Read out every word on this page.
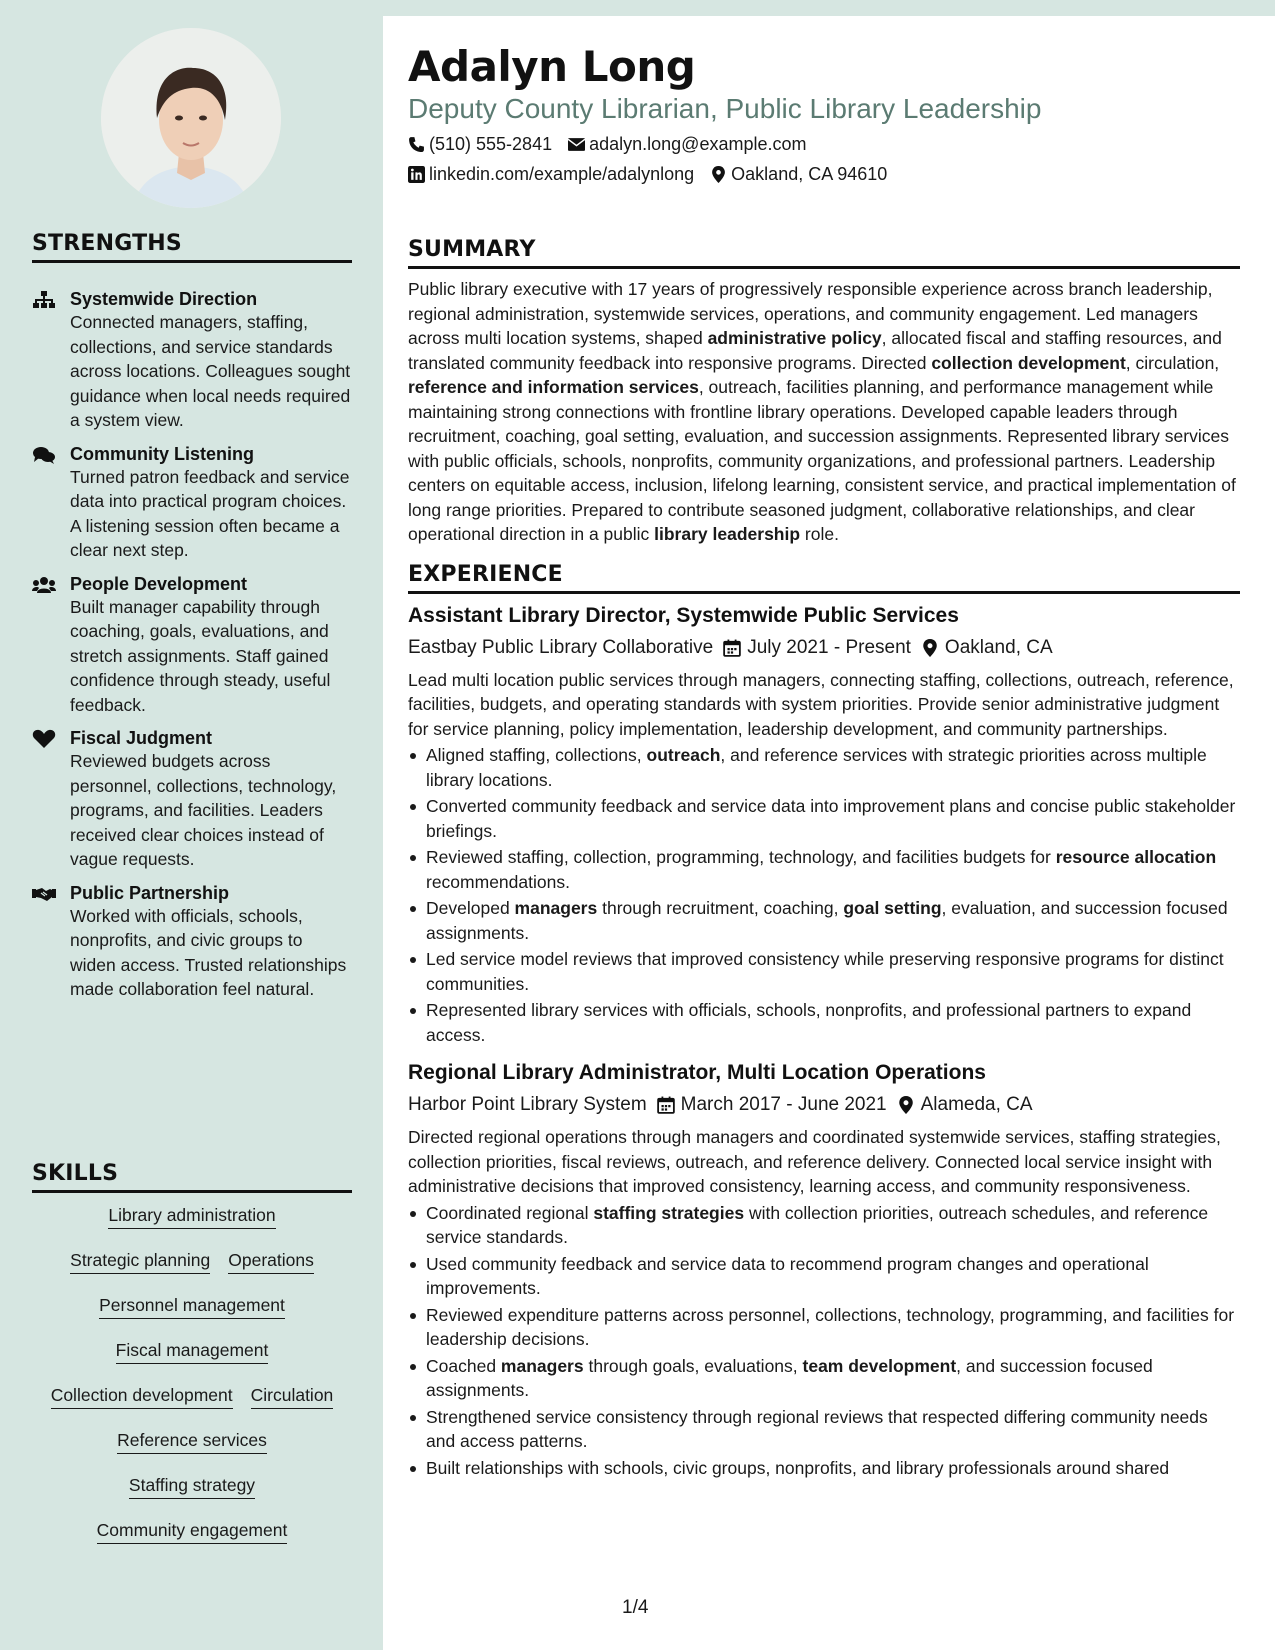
STRENGTHS
Systemwide Direction
Connected managers, staffing, collections, and service standards across locations. Colleagues sought guidance when local needs required a system view.
Community Listening
Turned patron feedback and service data into practical program choices. A listening session often became a clear next step.
People Development
Built manager capability through coaching, goals, evaluations, and stretch assignments. Staff gained confidence through steady, useful feedback.
Fiscal Judgment
Reviewed budgets across personnel, collections, technology, programs, and facilities. Leaders received clear choices instead of vague requests.
Public Partnership
Worked with officials, schools, nonprofits, and civic groups to widen access. Trusted relationships made collaboration feel natural.
SKILLS
Library administration
Strategic planning Operations
Personnel management
Fiscal management
Collection development Circulation
Reference services
Staffing strategy
Community engagement
Adalyn Long
Deputy County Librarian, Public Library Leadership
(510) 555-2841 adalyn.long@example.com
linkedin.com/example/adalynlong Oakland, CA 94610
SUMMARY

Public library executive with 17 years of progressively responsible experience across branch leadership, regional administration, systemwide services, operations, and community engagement. Led managers across multi location systems, shaped administrative policy, allocated fiscal and staffing resources, and translated community feedback into responsive programs. Directed collection development, circulation, reference and information services, outreach, facilities planning, and performance management while maintaining strong connections with frontline library operations. Developed capable leaders through recruitment, coaching, goal setting, evaluation, and succession assignments. Represented library services with public officials, schools, nonprofits, community organizations, and professional partners. Leadership centers on equitable access, inclusion, lifelong learning, consistent service, and practical implementation of long range priorities. Prepared to contribute seasoned judgment, collaborative relationships, and clear operational direction in a public library leadership role.

EXPERIENCE
Assistant Library Director, Systemwide Public Services
Eastbay Public Library Collaborative July 2021 - Present Oakland, CA
Lead multi location public services through managers, connecting staffing, collections, outreach, reference, facilities, budgets, and operating standards with system priorities. Provide senior administrative judgment for service planning, policy implementation, leadership development, and community partnerships.
Aligned staffing, collections, outreach, and reference services with strategic priorities across multiple library locations.
Converted community feedback and service data into improvement plans and concise public stakeholder briefings.
Reviewed staffing, collection, programming, technology, and facilities budgets for resource allocation recommendations.
Developed managers through recruitment, coaching, goal setting, evaluation, and succession focused assignments.
Led service model reviews that improved consistency while preserving responsive programs for distinct communities.
Represented library services with officials, schools, nonprofits, and professional partners to expand access.
Regional Library Administrator, Multi Location Operations
Harbor Point Library System March 2017 - June 2021 Alameda, CA
Directed regional operations through managers and coordinated systemwide services, staffing strategies, collection priorities, fiscal reviews, outreach, and reference delivery. Connected local service insight with administrative decisions that improved consistency, learning access, and community responsiveness.
Coordinated regional staffing strategies with collection priorities, outreach schedules, and reference service standards.
Used community feedback and service data to recommend program changes and operational improvements.
Reviewed expenditure patterns across personnel, collections, technology, programming, and facilities for leadership decisions.
Coached managers through goals, evaluations, team development, and succession focused assignments.
Strengthened service consistency through regional reviews that respected differing community needs and access patterns.
Built relationships with schools, civic groups, nonprofits, and library professionals around shared
1/4
